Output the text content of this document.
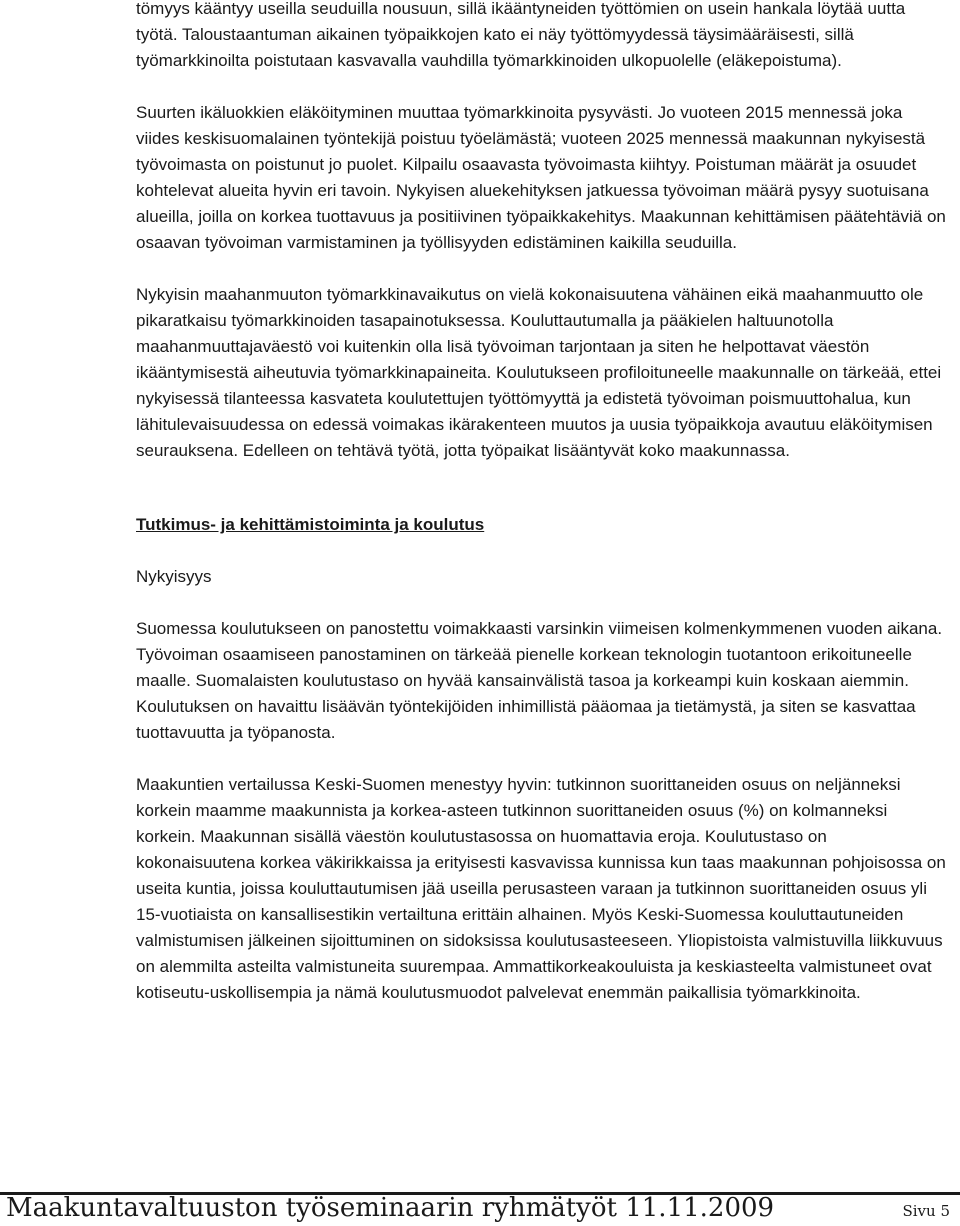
tömyys kääntyy useilla seuduilla nousuun, sillä ikääntyneiden työttömien on usein hankala löytää uutta työtä. Taloustaantuman aikainen työpaikkojen kato ei näy työttömyydessä täysimääräisesti, sillä työmarkkinoilta poistutaan kasvavalla vauhdilla työmarkkinoiden ulkopuolelle (eläkepoistuma).

Suurten ikäluokkien eläköityminen muuttaa työmarkkinoita pysyvästi. Jo vuoteen 2015 mennessä joka viides keskisuomalainen työntekijä poistuu työelämästä; vuoteen 2025 mennessä maakunnan nykyisestä työvoimasta on poistunut jo puolet. Kilpailu osaavasta työvoimasta kiihtyy. Poistuman määrät ja osuudet kohtelevat alueita hyvin eri tavoin. Nykyisen aluekehityksen jatkuessa työvoiman määrä pysyy suotuisana alueilla, joilla on korkea tuottavuus ja positiivinen työpaikkakehitys. Maakunnan kehittämisen päätehtäviä on osaavan työvoiman varmistaminen ja työllisyyden edistäminen kaikilla seuduilla.

Nykyisin maahanmuuton työmarkkinavaikutus on vielä kokonaisuutena vähäinen eikä maahanmuutto ole pikaratkaisu työmarkkinoiden tasapainotuksessa. Kouluttautumalla ja pääkielen haltuunotolla maahanmuuttajaväestö voi kuitenkin olla lisä työvoiman tarjontaan ja siten he helpottavat väestön ikääntymisestä aiheutuvia työmarkkinapaineita. Koulutukseen profiloituneelle maakunnalle on tärkeää, ettei nykyisessä tilanteessa kasvateta koulutettujen työttömyyttä ja edistetä työvoiman poismuuttohalua, kun lähitulevaisuudessa on edessä voimakas ikärakenteen muutos ja uusia työpaikkoja avautuu eläköitymisen seurauksena. Edelleen on tehtävä työtä, jotta työpaikat lisääntyvät koko maakunnassa.

Tutkimus- ja kehittämistoiminta ja koulutus

Nykyisyys

Suomessa koulutukseen on panostettu voimakkaasti varsinkin viimeisen kolmenkymmenen vuoden aikana. Työvoiman osaamiseen panostaminen on tärkeää pienelle korkean teknologin tuotantoon erikoituneelle maalle. Suomalaisten koulutustaso on hyvää kansainvälistä tasoa ja korkeampi kuin koskaan aiemmin. Koulutuksen on havaittu lisäävän työntekijöiden inhimillistä pääomaa ja tietämystä, ja siten se kasvattaa tuottavuutta ja työpanosta.

Maakuntien vertailussa Keski-Suomen menestyy hyvin: tutkinnon suorittaneiden osuus on neljänneksi korkein maamme maakunnista ja korkea-asteen tutkinnon suorittaneiden osuus (%) on kolmanneksi korkein. Maakunnan sisällä väestön koulutustasossa on huomattavia eroja. Koulutustaso on kokonaisuutena korkea väkirikkaissa ja erityisesti kasvavissa kunnissa kun taas maakunnan pohjoisossa on useita kuntia, joissa kouluttautumisen jää useilla perusasteen varaan ja tutkinnon suorittaneiden osuus yli 15-vuotiaista on kansallisestikin vertailtuna erittäin alhainen. Myös Keski-Suomessa kouluttautuneiden valmistumisen jälkeinen sijoittuminen on sidoksissa koulutusasteeseen. Yliopistoista valmistuvilla liikkuvuus on alemmilta asteilta valmistuneita suurempaa. Ammattikorkeakouluista ja keskiasteelta valmistuneet ovat kotiseutu-uskollisempia ja nämä koulutusmuodot palvelevat enemmän paikallisia työmarkkinoita.

Maakuntavaltuuston työseminaarin ryhmätyöt 11.11.2009	Sivu 5
